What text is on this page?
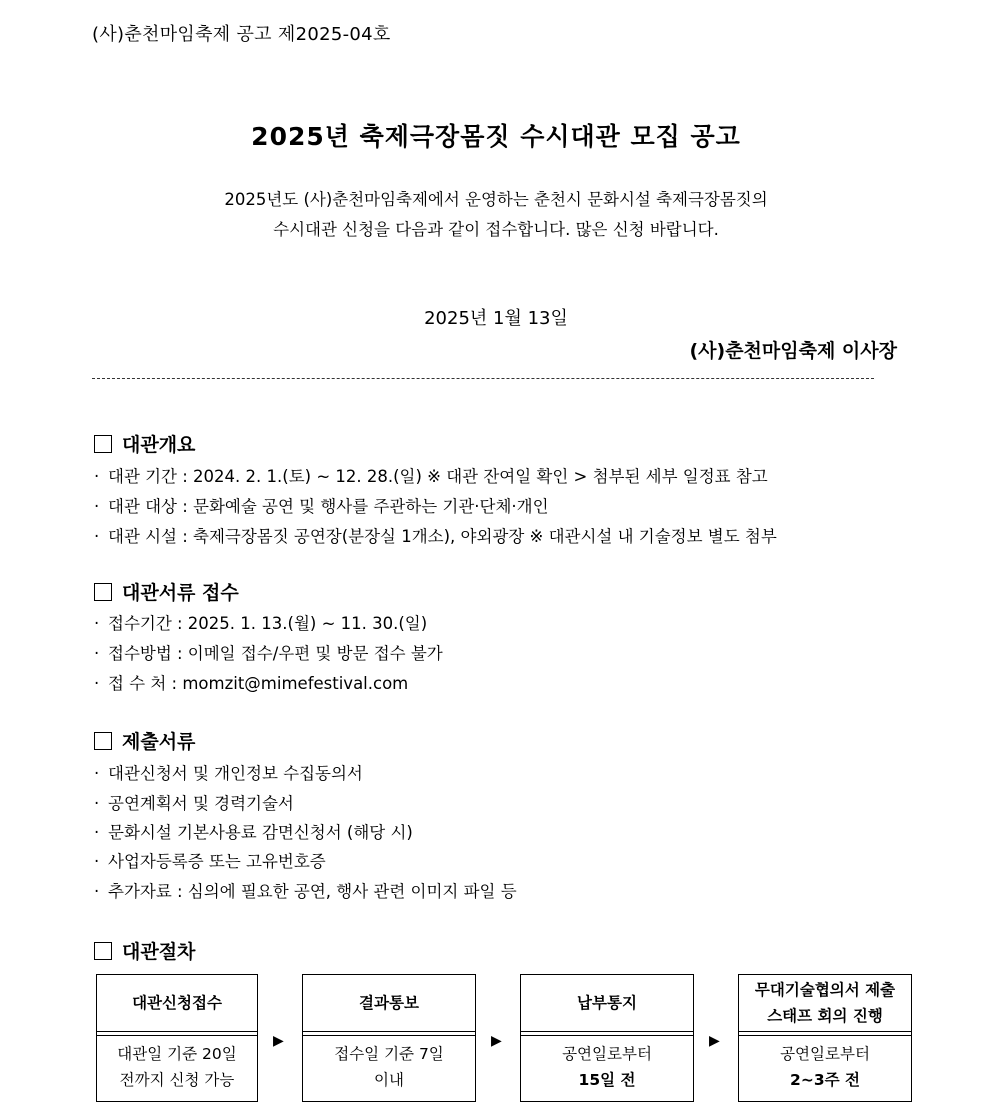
(사)춘천마임축제 공고 제2025-04호
2025년 축제극장몸짓 수시대관 모집 공고
2025년도 (사)춘천마임축제에서 운영하는 춘천시 문화시설 축제극장몸짓의
수시대관 신청을 다음과 같이 접수합니다. 많은 신청 바랍니다.
2025년 1월 13일
(사)춘천마임축제 이사장
대관개요
· 대관 기간 : 2024. 2. 1.(토) ~ 12. 28.(일) ※ 대관 잔여일 확인 > 첨부된 세부 일정표 참고
· 대관 대상 : 문화예술 공연 및 행사를 주관하는 기관·단체·개인
· 대관 시설 : 축제극장몸짓 공연장(분장실 1개소), 야외광장 ※ 대관시설 내 기술정보 별도 첨부
대관서류 접수
· 접수기간 : 2025. 1. 13.(월) ~ 11. 30.(일)
· 접수방법 : 이메일 접수/우편 및 방문 접수 불가
· 접 수 처 : momzit@mimefestival.com
제출서류
· 대관신청서 및 개인정보 수집동의서
· 공연계획서 및 경력기술서
· 문화시설 기본사용료 감면신청서 (해당 시)
· 사업자등록증 또는 고유번호증
· 추가자료 : 심의에 필요한 공연, 행사 관련 이미지 파일 등
대관절차
대관신청접수
대관일 기준 20일
전까지 신청 가능
▶
결과통보
접수일 기준 7일
이내
▶
납부통지
공연일로부터
15일 전
▶
무대기술협의서 제출
스태프 회의 진행
공연일로부터
2~3주 전
